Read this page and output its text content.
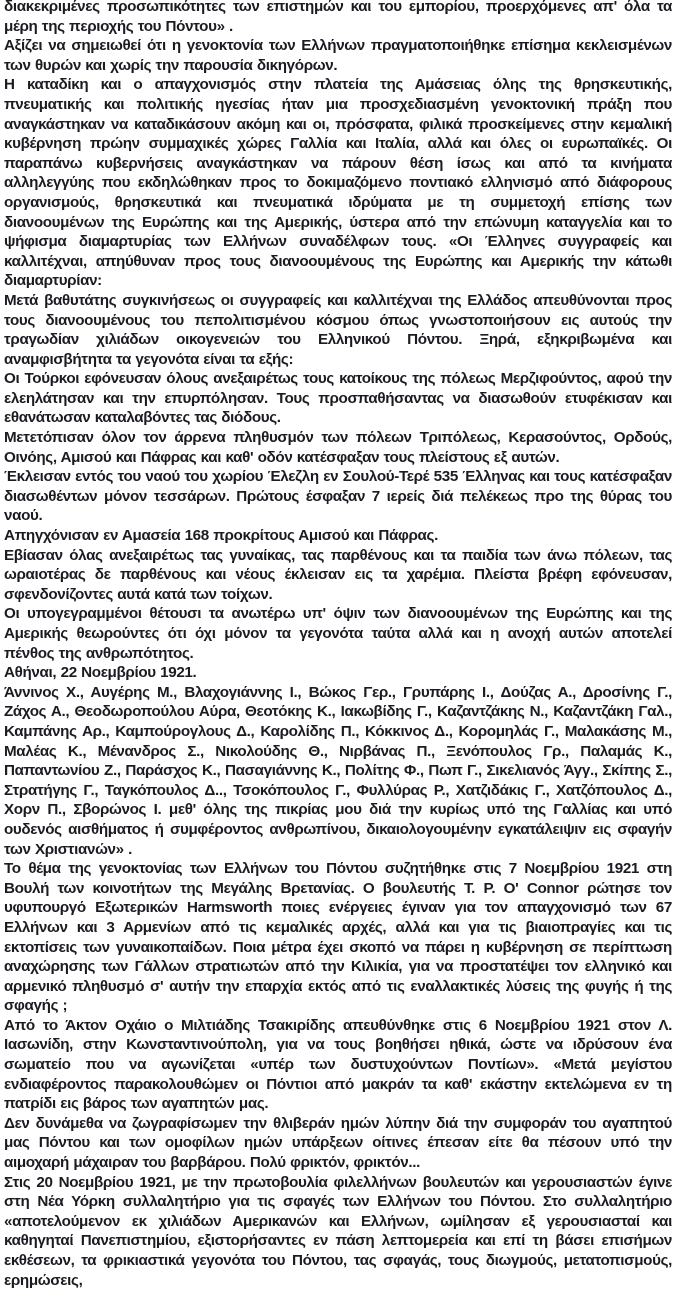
διακεκριμένες προσωπικότητες των επιστημών και του εμπορίου, προερχόμενες απ' όλα τα μέρη της περιοχής του Πόντου» .

Αξίζει να σημειωθεί ότι η γενοκτονία των Ελλήνων πραγματοποιήθηκε επίσημα κεκλεισμένων των θυρών και χωρίς την παρουσία δικηγόρων.

Η καταδίκη και ο απαγχονισμός στην πλατεία της Αμάσειας όλης της θρησκευτικής, πνευματικής και πολιτικής ηγεσίας ήταν μια προσχεδιασμένη γενοκτονική πράξη που αναγκάστηκαν να καταδικάσουν ακόμη και οι, πρόσφατα, φιλικά προσκείμενες στην κεμαλική κυβέρνηση πρώην συμμαχικές χώρες Γαλλία και Ιταλία, αλλά και όλες οι ευρωπαϊκές. Οι παραπάνω κυβερνήσεις αναγκάστηκαν να πάρουν θέση ίσως και από τα κινήματα αλληλεγγύης που εκδηλώθηκαν προς το δοκιμαζόμενο ποντιακό ελληνισμό από διάφορους οργανισμούς, θρησκευτικά και πνευματικά ιδρύματα με τη συμμετοχή επίσης των διανοουμένων της Ευρώπης και της Αμερικής, ύστερα από την επώνυμη καταγγελία και το ψήφισμα διαμαρτυρίας των Ελλήνων συναδέλφων τους. «Οι Έλληνες συγγραφείς και καλλιτέχναι, απηύθυναν προς τους διανοουμένους της Ευρώπης και Αμερικής την κάτωθι διαμαρτυρίαν:

Μετά βαθυτάτης συγκινήσεως οι συγγραφείς και καλλιτέχναι της Ελλάδος απευθύνονται προς τους διανοουμένους του πεπολιτισμένου κόσμου όπως γνωστοποιήσουν εις αυτούς την τραγωδίαν χιλιάδων οικογενειών του Ελληνικού Πόντου. Ξηρά, εξηκριβωμένα και αναμφισβήτητα τα γεγονότα είναι τα εξής:

Οι Τούρκοι εφόνευσαν όλους ανεξαιρέτως τους κατοίκους της πόλεως Μερζιφούντος, αφού την ελεηλάτησαν και την επυρπόλησαν. Τους προσπαθήσαντας να διασωθούν ετυφέκισαν και εθανάτωσαν καταλαβόντες τας διόδους.

Μετετόπισαν όλον τον άρρενα πληθυσμόν των πόλεων Τριπόλεως, Κερασούντος, Ορδούς, Οινόης, Αμισού και Πάφρας και καθ' οδόν κατέσφαξαν τους πλείστους εξ αυτών.

Έκλεισαν εντός του ναού του χωρίου Έλεζλη εν Σουλού-Τερέ 535 Έλληνας και τους κατέσφαξαν διασωθέντων μόνον τεσσάρων. Πρώτους έσφαξαν 7 ιερείς διά πελέκεως προ της θύρας του ναού.

Απηγχόνισαν εν Αμασεία 168 προκρίτους Αμισού και Πάφρας.

Εβίασαν όλας ανεξαιρέτως τας γυναίκας, τας παρθένους και τα παιδία των άνω πόλεων, τας ωραιοτέρας δε παρθένους και νέους έκλεισαν εις τα χαρέμια. Πλείστα βρέφη εφόνευσαν, σφενδονίζοντες αυτά κατά των τοίχων.

Οι υπογεγραμμένοι θέτουσι τα ανωτέρω υπ' όψιν των διανοουμένων της Ευρώπης και της Αμερικής θεωρούντες ότι όχι μόνον τα γεγονότα ταύτα αλλά και η ανοχή αυτών αποτελεί πένθος της ανθρωπότητος.

Αθήναι, 22 Νοεμβρίου 1921.

Άννινος Χ., Αυγέρης Μ., Βλαχογιάννης Ι., Βώκος Γερ., Γρυπάρης Ι., Δούζας Α., Δροσίνης Γ., Ζάχος Α., Θεοδωροπούλου Αύρα, Θεοτόκης Κ., Ιακωβίδης Γ., Καζαντζάκης Ν., Καζαντζάκη Γαλ., Καμπάνης Αρ., Καμπούρογλους Δ., Καρολίδης Π., Κόκκινος Δ., Κορομηλάς Γ., Μαλακάσης Μ., Μαλέας Κ., Μένανδρος Σ., Νικολούδης Θ., Νιρβάνας Π., Ξενόπουλος Γρ., Παλαμάς Κ., Παπαντωνίου Ζ., Παράσχος Κ., Πασαγιάννης Κ., Πολίτης Φ., Πωπ Γ., Σικελιανός Άγγ., Σκίπης Σ., Στρατήγης Γ., Ταγκόπουλος Δ.., Τσοκόπουλος Γ., Φυλλύρας Ρ., Χατζιδάκις Γ., Χατζόπουλος Δ., Χορν Π., Σβορώνος Ι. μεθ' όλης της πικρίας μου διά την κυρίως υπό της Γαλλίας και υπό ουδενός αισθήματος ή συμφέροντος ανθρωπίνου, δικαιολογουμένην εγκατάλειψιν εις σφαγήν των Χριστιανών» .

Το θέμα της γενοκτονίας των Ελλήνων του Πόντου συζητήθηκε στις 7 Νοεμβρίου 1921 στη Βουλή των κοινοτήτων της Μεγάλης Βρετανίας. Ο βουλευτής T. P. O' Connor ρώτησε τον υφυπουργό Εξωτερικών Harmsworth ποιες ενέργειες έγιναν για τον απαγχονισμό των 67 Ελλήνων και 3 Αρμενίων από τις κεμαλικές αρχές, αλλά και για τις βιαιοπραγίες και τις εκτοπίσεις των γυναικοπαίδων. Ποια μέτρα έχει σκοπό να πάρει η κυβέρνηση σε περίπτωση αναχώρησης των Γάλλων στρατιωτών από την Κιλικία, για να προστατέψει τον ελληνικό και αρμενικό πληθυσμό σ' αυτήν την επαρχία εκτός από τις εναλλακτικές λύσεις της φυγής ή της σφαγής ;

Από το Άκτον Οχάιο ο Μιλτιάδης Τσακιρίδης απευθύνθηκε στις 6 Νοεμβρίου 1921 στον Λ. Ιασωνίδη, στην Κωνσταντινούπολη, για να τους βοηθήσει ηθικά, ώστε να ιδρύσουν ένα σωματείο που να αγωνίζεται «υπέρ των δυστυχούντων Ποντίων». «Μετά μεγίστου ενδιαφέροντος παρακολουθώμεν οι Πόντιοι από μακράν τα καθ' εκάστην εκτελώμενα εν τη πατρίδι εις βάρος των αγαπητών μας.

Δεν δυνάμεθα να ζωγραφίσωμεν την θλιβεράν ημών λύπην διά την συμφοράν του αγαπητού μας Πόντου και των ομοφίλων ημών υπάρξεων οίτινες έπεσαν είτε θα πέσουν υπό την αιμοχαρή μάχαιραν του βαρβάρου. Πολύ φρικτόν, φρικτόν...

Στις 20 Νοεμβρίου 1921, με την πρωτοβουλία φιλελλήνων βουλευτών και γερουσιαστών έγινε στη Νέα Υόρκη συλλαλητήριο για τις σφαγές των Ελλήνων του Πόντου. Στο συλλαλητήριο «αποτελούμενον εκ χιλιάδων Αμερικανών και Ελλήνων, ωμίλησαν εξ γερουσιασταί και καθηγηταί Πανεπιστημίου, εξιστορήσαντες εν πάση λεπτομερεία και επί τη βάσει επισήμων εκθέσεων, τα φρικιαστικά γεγονότα του Πόντου, τας σφαγάς, τους διωγμούς, μετατοπισμούς, ερημώσεις,
